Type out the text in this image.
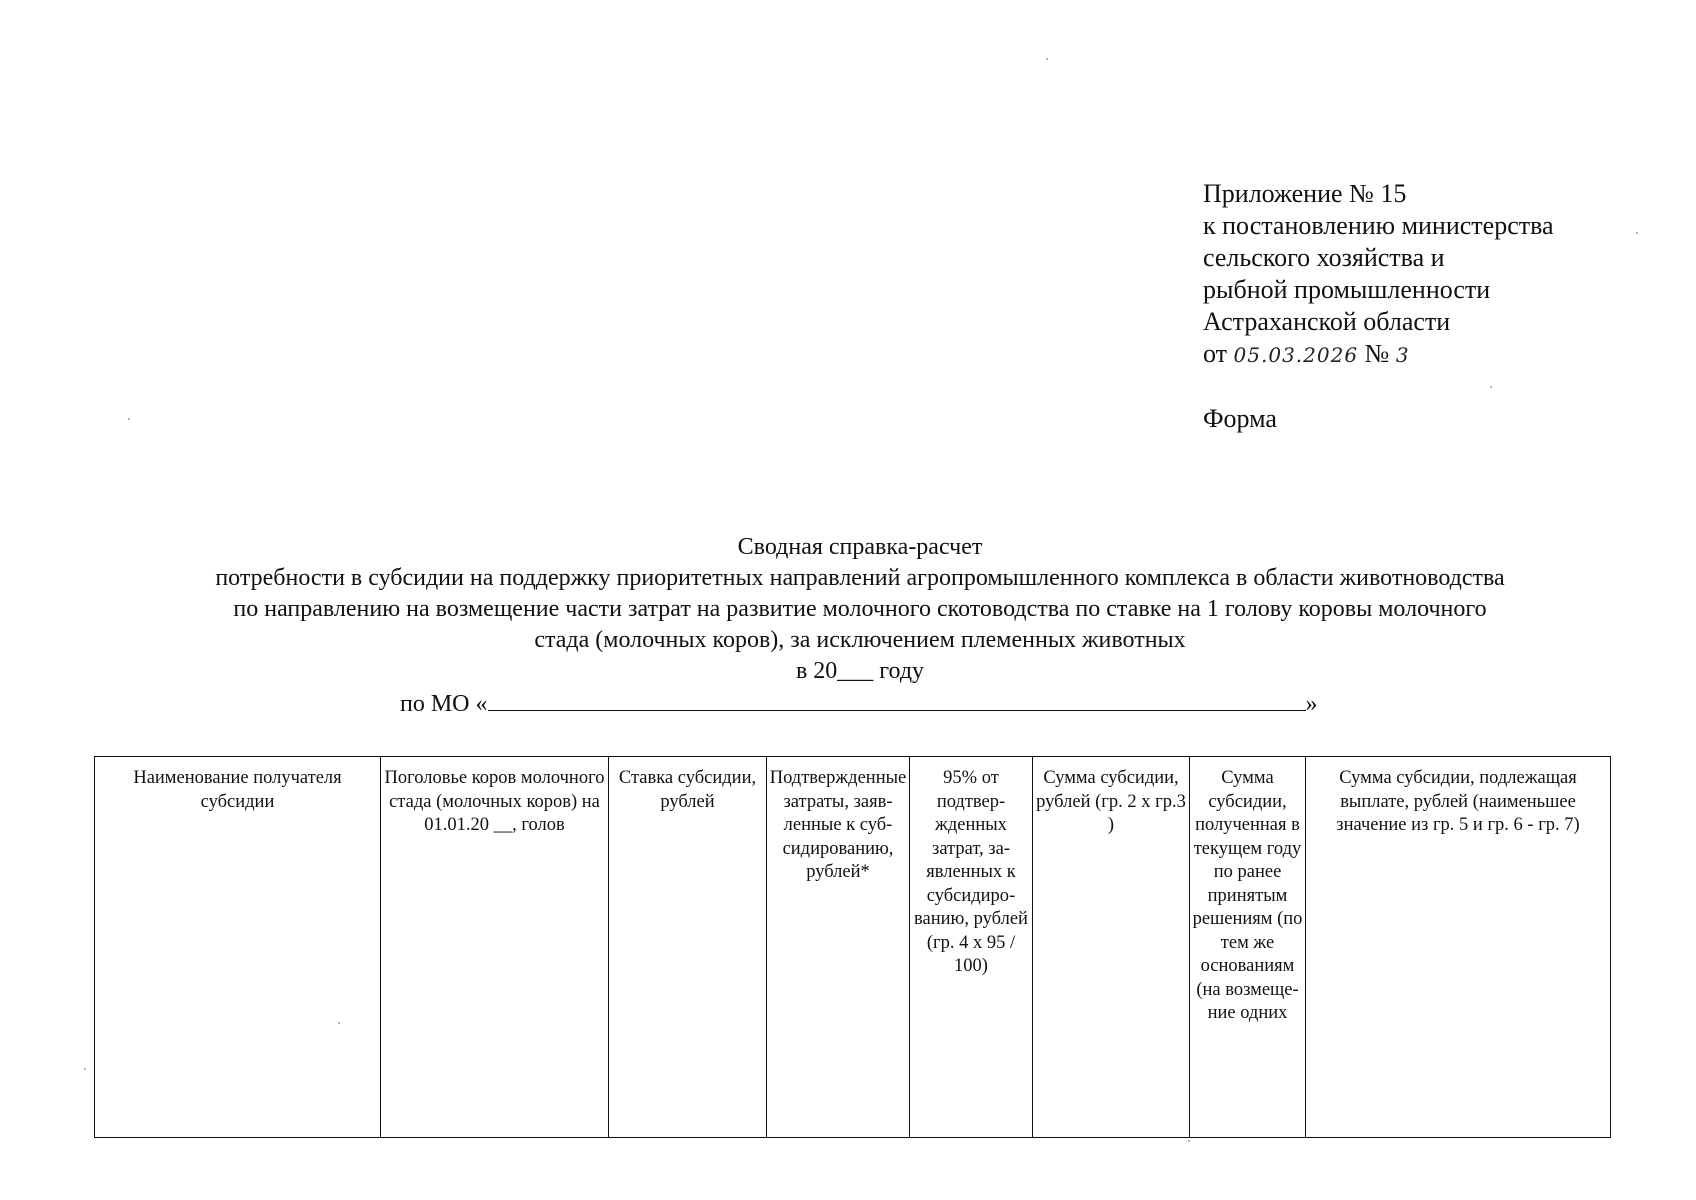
Приложение № 15
к постановлению министерства
сельского хозяйства и
рыбной промышленности
Астраханской области
от 05.03.2026 № 3
Форма
Сводная справка-расчет
потребности в субсидии на поддержку приоритетных направлений агропромышленного комплекса в области животноводства
по направлению на возмещение части затрат на развитие молочного скотоводства по ставке на 1 голову коровы молочного
стада (молочных коров), за исключением племенных животных
в 20___ году
по МО «	»
Наименование получателя субсидии	Поголовье коров молочного стада (молочных коров) на 01.01.20 __, голов	Ставка субсидии, рублей	Подтвержденные затраты, заявленные к субсидированию, рублей*	95% от подтвержденных затрат, заявленных к субсидированию, рублей (гр. 4 х 95 / 100)	Сумма субсидии, рублей (гр. 2 х гр.3 )	Сумма субсидии, полученная в текущем году по ранее принятым решениям (по тем же основаниям (на возмещение одних	Сумма субсидии, подлежащая выплате, рублей (наименьшее значение из гр. 5 и гр. 6 - гр. 7)
